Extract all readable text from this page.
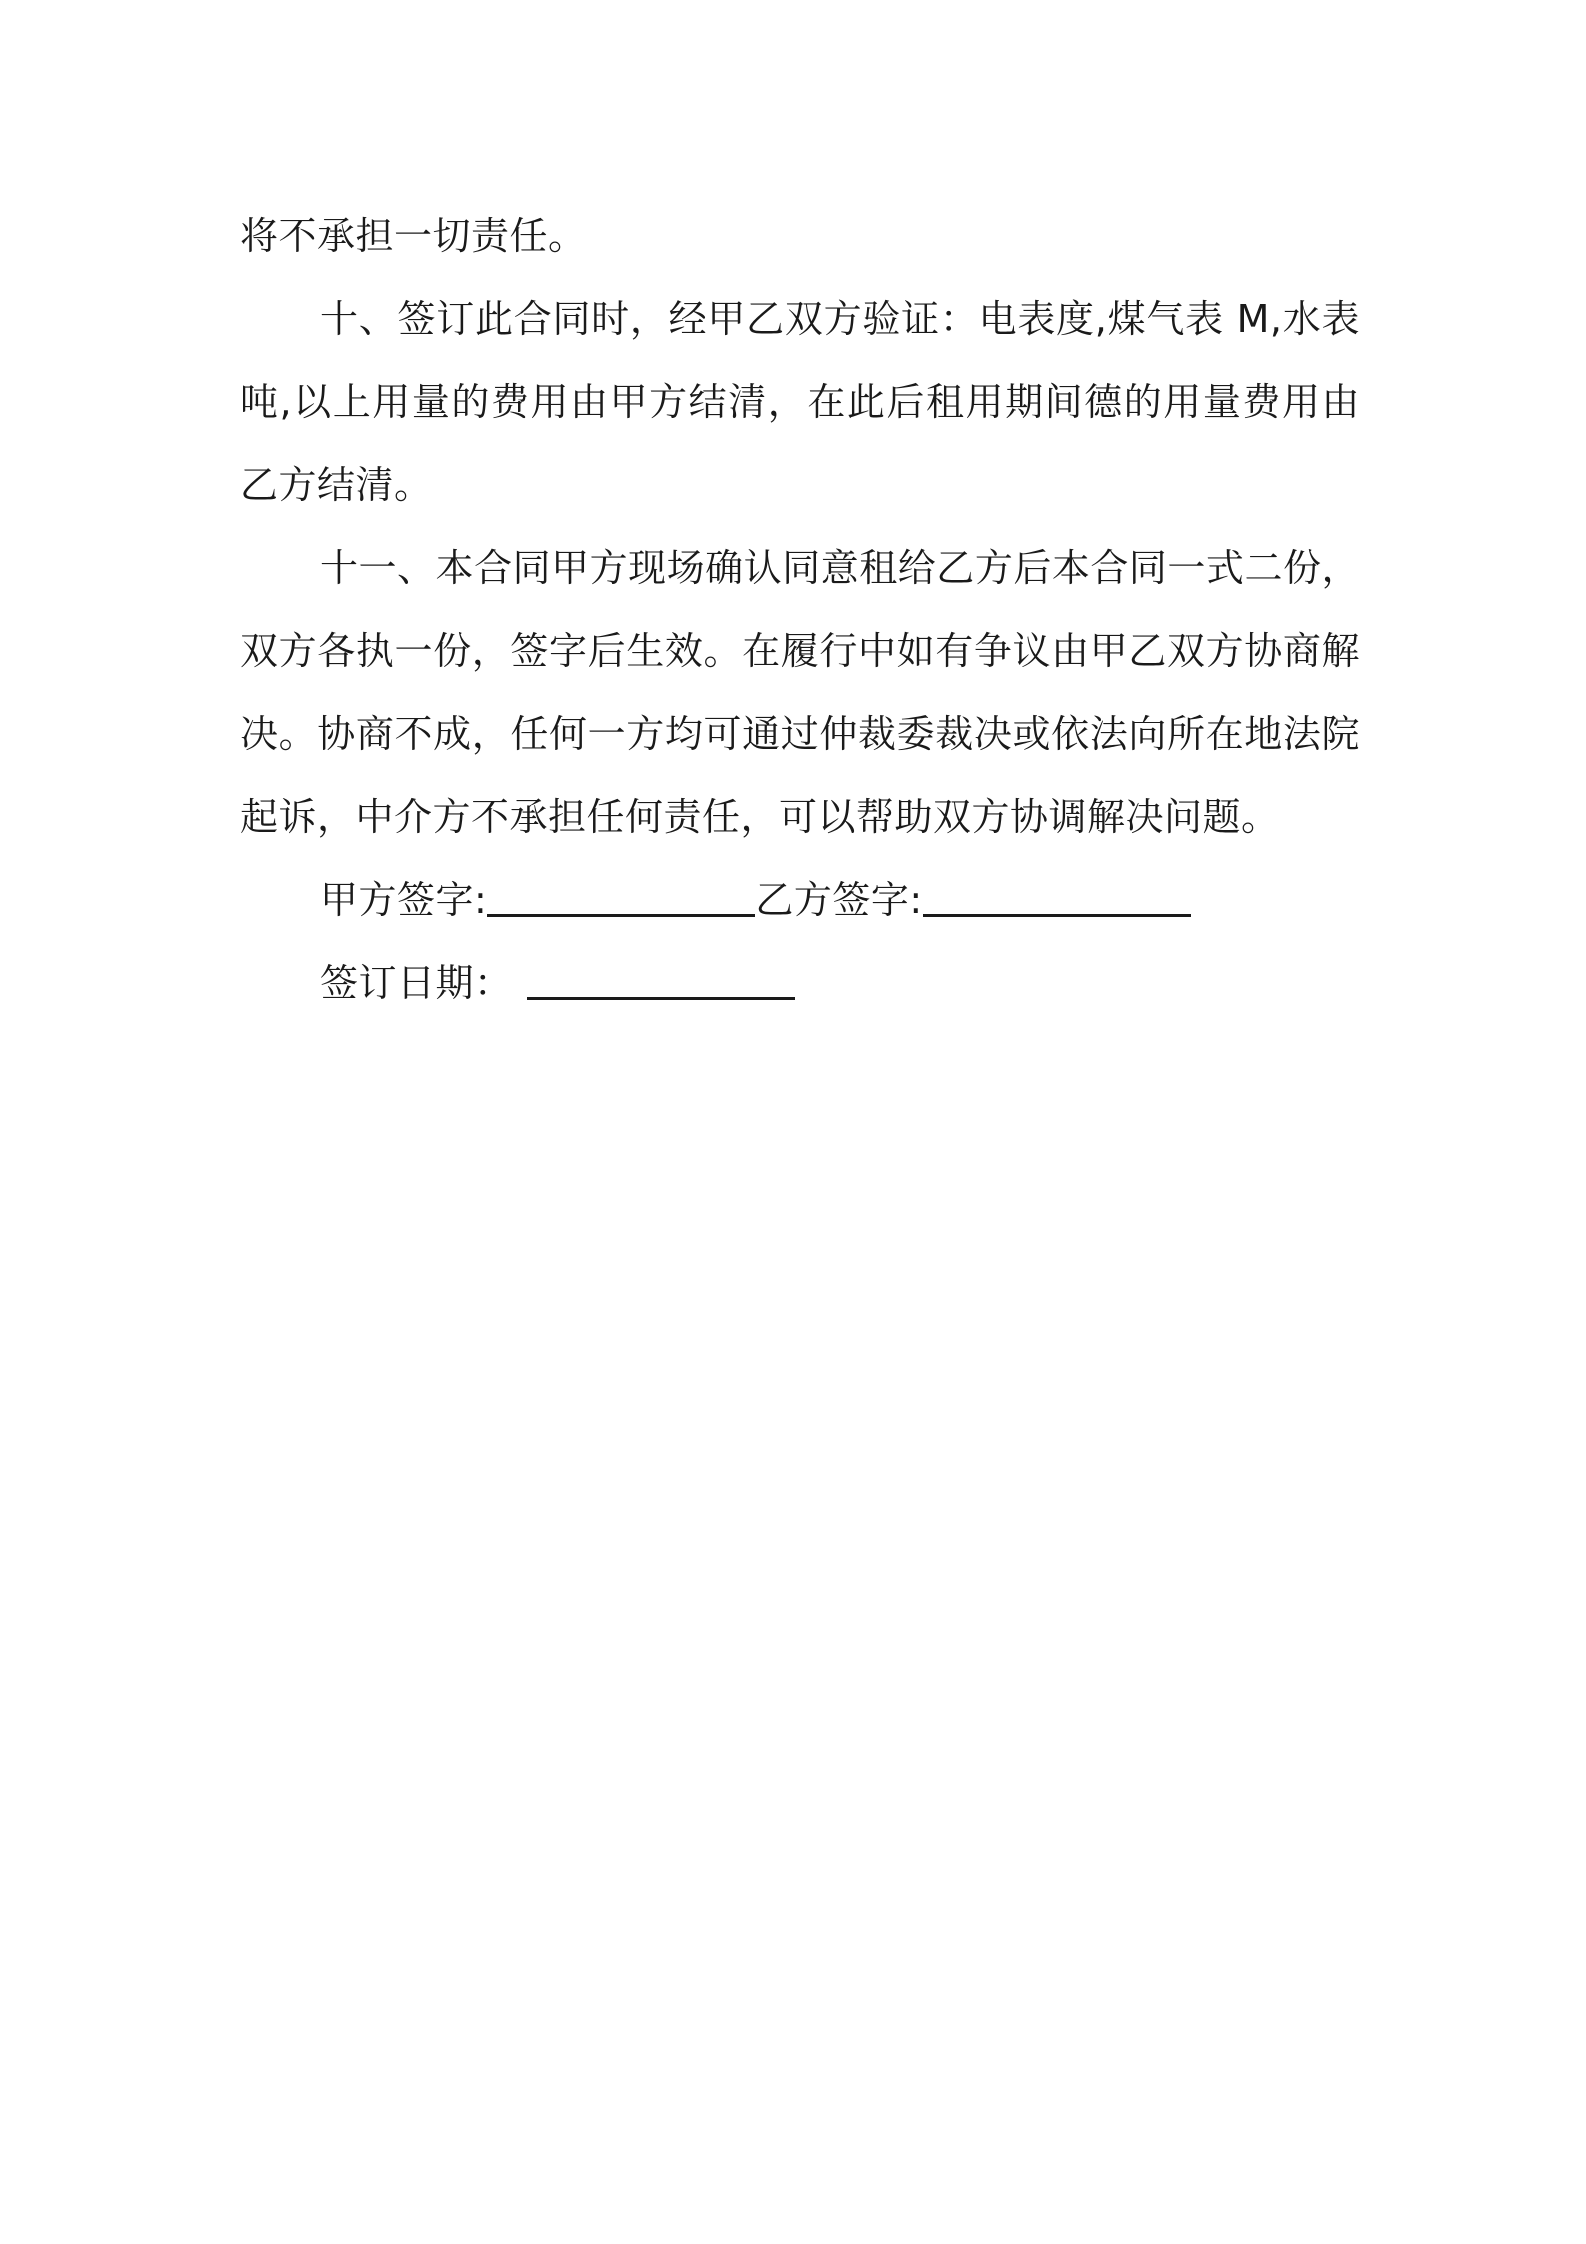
将不承担一切责任。

十、签订此合同时，经甲乙双方验证：电表度,煤气表 M,水表吨,以上用量的费用由甲方结清，在此后租用期间德的用量费用由乙方结清。

十一、本合同甲方现场确认同意租给乙方后本合同一式二份，双方各执一份，签字后生效。在履行中如有争议由甲乙双方协商解决。协商不成，任何一方均可通过仲裁委裁决或依法向所在地法院起诉，中介方不承担任何责任，可以帮助双方协调解决问题。

甲方签字:	乙方签字:
签订日期：
